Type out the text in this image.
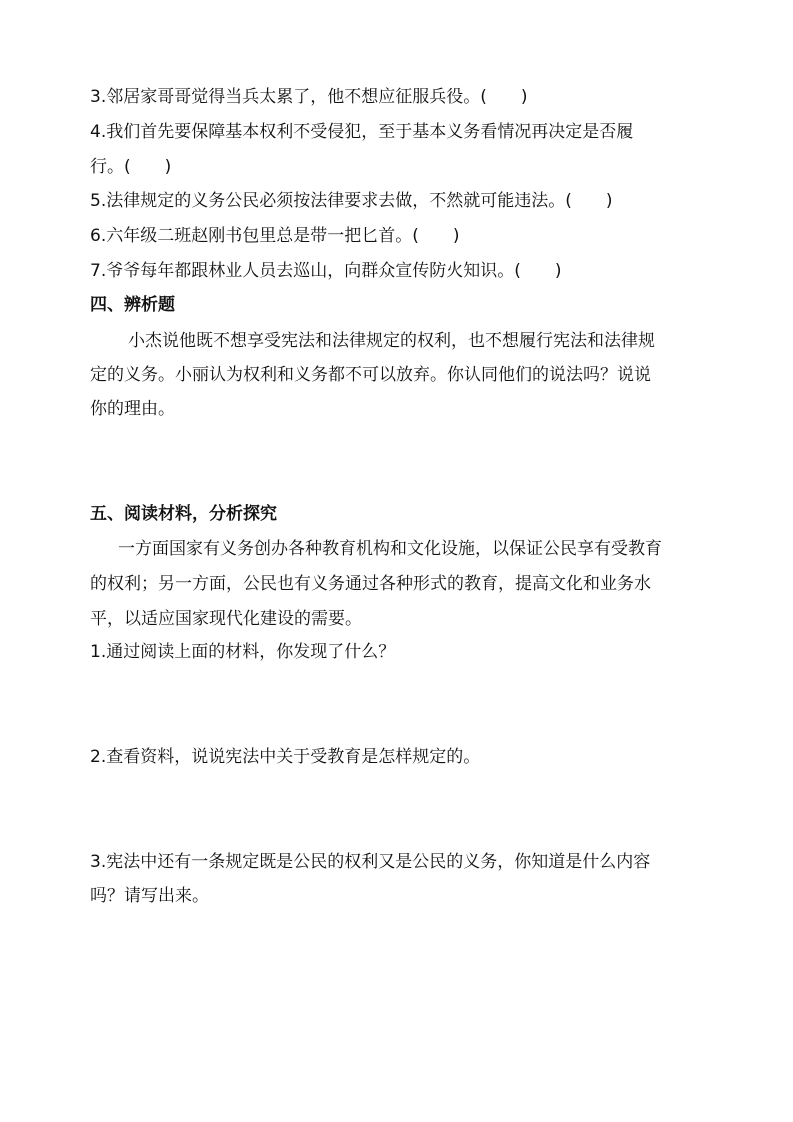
3.邻居家哥哥觉得当兵太累了，他不想应征服兵役。( )
4.我们首先要保障基本权利不受侵犯，至于基本义务看情况再决定是否履
行。( )
5.法律规定的义务公民必须按法律要求去做，不然就可能违法。( )
6.六年级二班赵刚书包里总是带一把匕首。( )
7.爷爷每年都跟林业人员去巡山，向群众宣传防火知识。( )
四、辨析题
小杰说他既不想享受宪法和法律规定的权利，也不想履行宪法和法律规
定的义务。小丽认为权利和义务都不可以放弃。你认同他们的说法吗？说说
你的理由。
五、阅读材料，分析探究
一方面国家有义务创办各种教育机构和文化设施，以保证公民享有受教育
的权利；另一方面，公民也有义务通过各种形式的教育，提高文化和业务水
平，以适应国家现代化建设的需要。
1.通过阅读上面的材料，你发现了什么？
2.查看资料，说说宪法中关于受教育是怎样规定的。
3.宪法中还有一条规定既是公民的权利又是公民的义务，你知道是什么内容
吗？请写出来。
